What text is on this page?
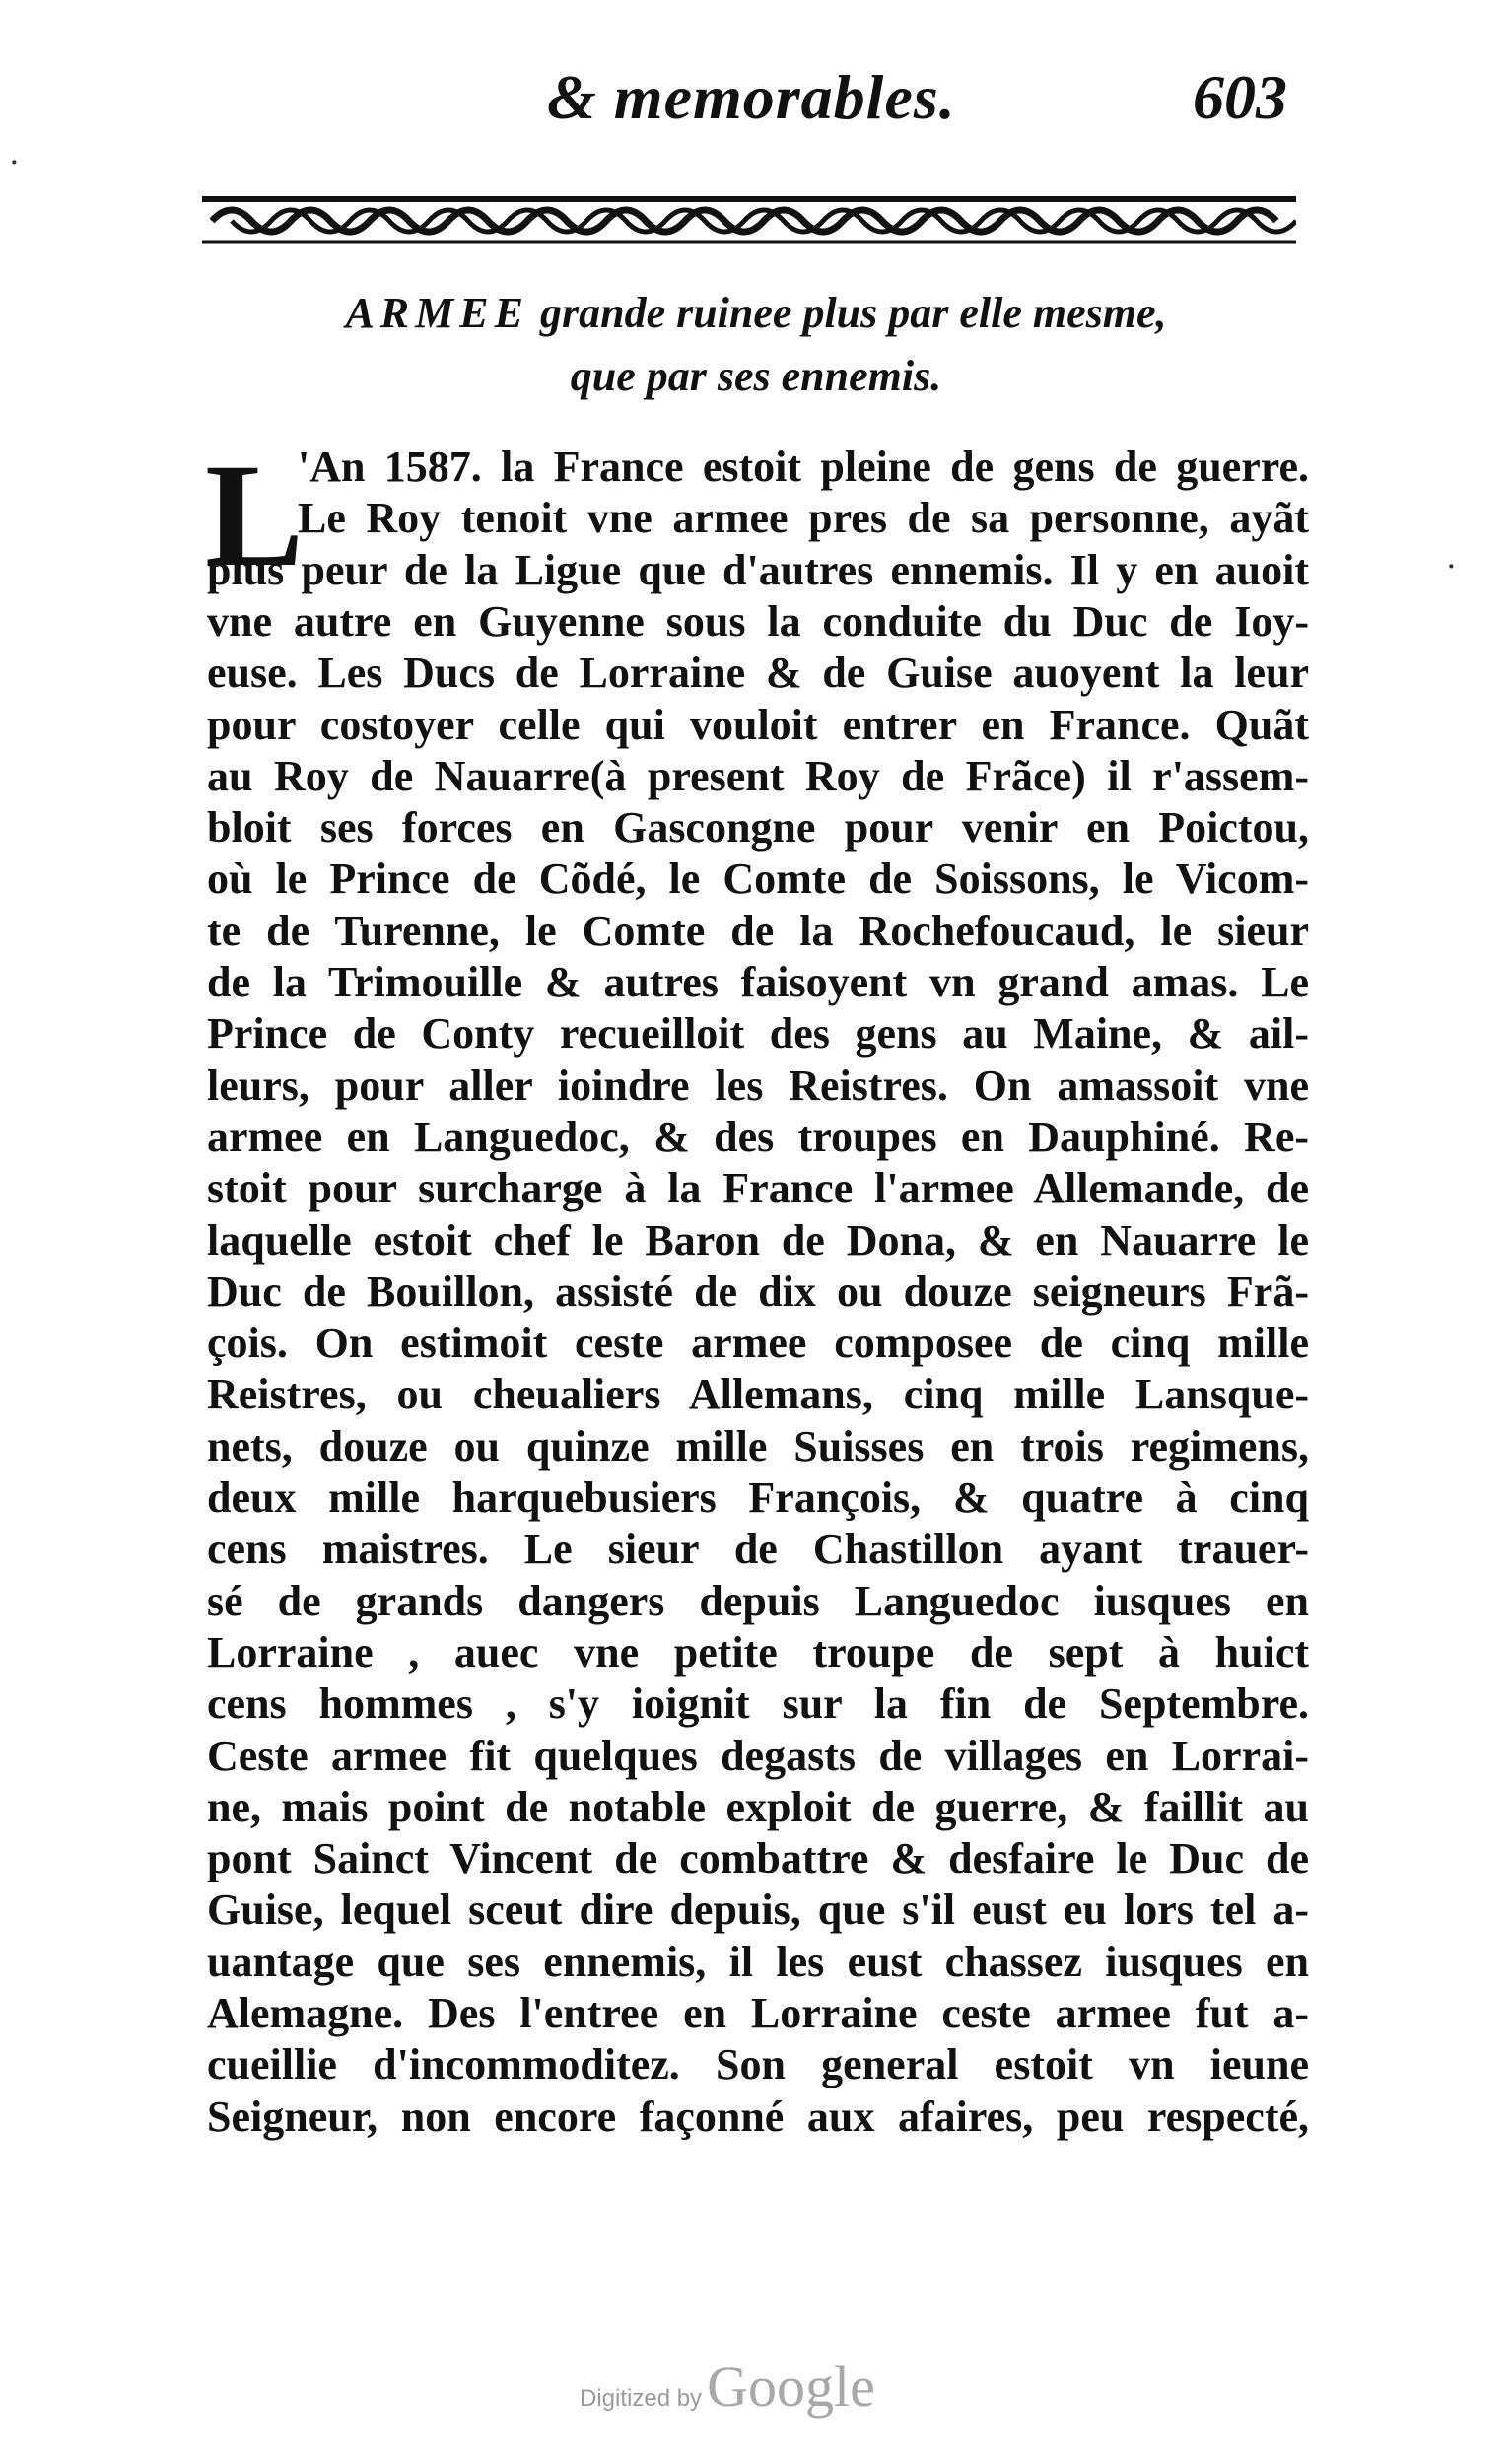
& memorables.	603
ARMEE grande ruinee plus par elle mesme,
que par ses ennemis.
L
'An 1587. la France estoit pleine de gens de guerre.
Le Roy tenoit vne armee pres de sa personne, ayãt
plus peur de la Ligue que d'autres ennemis. Il y en auoit
vne autre en Guyenne sous la conduite du Duc de Ioy-
euse. Les Ducs de Lorraine & de Guise auoyent la leur
pour costoyer celle qui vouloit entrer en France. Quãt
au Roy de Nauarre(à present Roy de Frãce) il r'assem-
bloit ses forces en Gascongne pour venir en Poictou,
où le Prince de Cõdé, le Comte de Soissons, le Vicom-
te de Turenne, le Comte de la Rochefoucaud, le sieur
de la Trimouille & autres faisoyent vn grand amas. Le
Prince de Conty recueilloit des gens au Maine, & ail-
leurs, pour aller ioindre les Reistres. On amassoit vne
armee en Languedoc, & des troupes en Dauphiné. Re-
stoit pour surcharge à la France l'armee Allemande, de
laquelle estoit chef le Baron de Dona, & en Nauarre le
Duc de Bouillon, assisté de dix ou douze seigneurs Frã-
çois. On estimoit ceste armee composee de cinq mille
Reistres, ou cheualiers Allemans, cinq mille Lansque-
nets, douze ou quinze mille Suisses en trois regimens,
deux mille harquebusiers François, & quatre à cinq
cens maistres. Le sieur de Chastillon ayant trauer-
sé de grands dangers depuis Languedoc iusques en
Lorraine , auec vne petite troupe de sept à huict
cens hommes , s'y ioignit sur la fin de Septembre.
Ceste armee fit quelques degasts de villages en Lorrai-
ne, mais point de notable exploit de guerre, & faillit au
pont Sainct Vincent de combattre & desfaire le Duc de
Guise, lequel sceut dire depuis, que s'il eust eu lors tel a-
uantage que ses ennemis, il les eust chassez iusques en
Alemagne. Des l'entree en Lorraine ceste armee fut a-
cueillie d'incommoditez. Son general estoit vn ieune
Seigneur, non encore façonné aux afaires, peu respecté,
·
·
Digitized by Google
